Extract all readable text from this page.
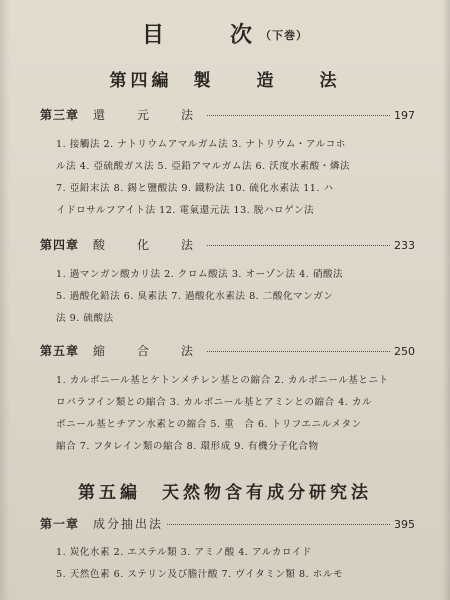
目　次（下巻）
第四編　製　　造　　法
第三章 還　元　法	197
1. 接觸法 2. ナトリウムアマルガム法 3. ナトリウム・アルコホ
ル法 4. 亞硫酸ガス法 5. 亞鉛アマルガム法 6. 沃度水素酸・燐法
7. 亞鉛末法 8. 錫と鹽酸法 9. 鐵粉法 10. 硫化水素法 11. ハ
イドロサルフアイト法 12. 電氣還元法 13. 脱ハロゲン法
第四章 酸　化　法	233
1. 過マンガン酸カリ法 2. クロム酸法 3. オーゾン法 4. 硝酸法
5. 過酸化鉛法 6. 臭素法 7. 過酸化水素法 8. 二酸化マンガン
法 9. 硫酸法
第五章 縮　合　法	250
1. カルボニール基とケトンメチレン基との縮合 2. カルボニール基とニト
ロパラフイン類との縮合 3. カルボニール基とアミンとの縮合 4. カル
ボニール基とチアン水素との縮合 5. 重　合 6. トリフエニルメタン
縮合 7. フタレイン類の縮合 8. 環形成 9. 有機分子化合物
第五編　天然物含有成分研究法
第一章 成分抽出法	395
1. 炭化水素 2. エステル類 3. アミノ酸 4. アルカロイド
5. 天然色素 6. ステリン及び膽汁酸 7. ヴイタミン類 8. ホルモ
